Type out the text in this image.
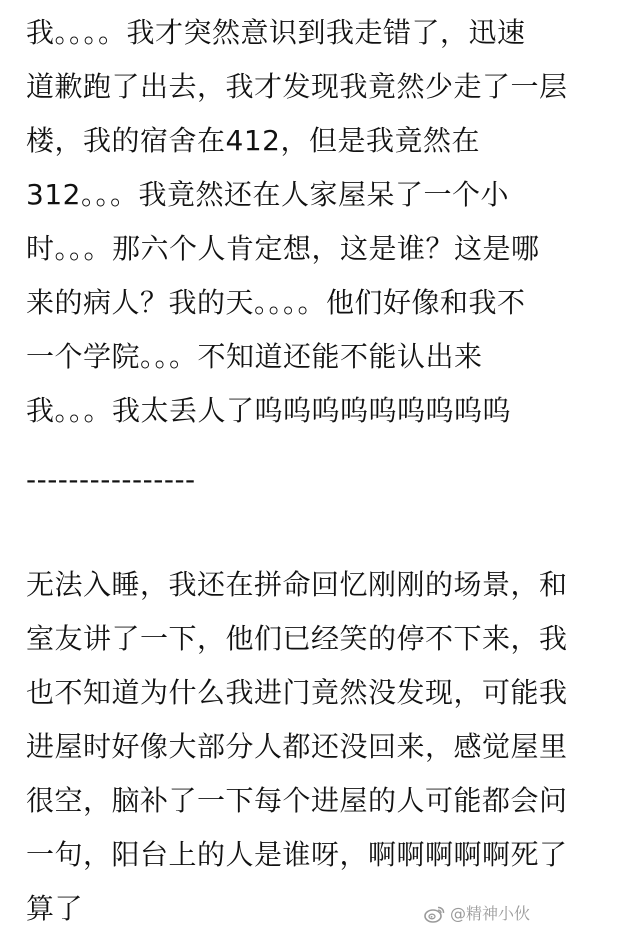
我。。。。我才突然意识到我走错了，迅速
道歉跑了出去，我才发现我竟然少走了一层
楼，我的宿舍在412，但是我竟然在
312。。。我竟然还在人家屋呆了一个小
时。。。那六个人肯定想，这是谁？这是哪
来的病人？我的天。。。。他们好像和我不
一个学院。。。不知道还能不能认出来
我。。。我太丢人了呜呜呜呜呜呜呜呜呜
----------------
无法入睡，我还在拼命回忆刚刚的场景，和
室友讲了一下，他们已经笑的停不下来，我
也不知道为什么我进门竟然没发现，可能我
进屋时好像大部分人都还没回来，感觉屋里
很空，脑补了一下每个进屋的人可能都会问
一句，阳台上的人是谁呀，啊啊啊啊啊死了
算了	@精神小伙
